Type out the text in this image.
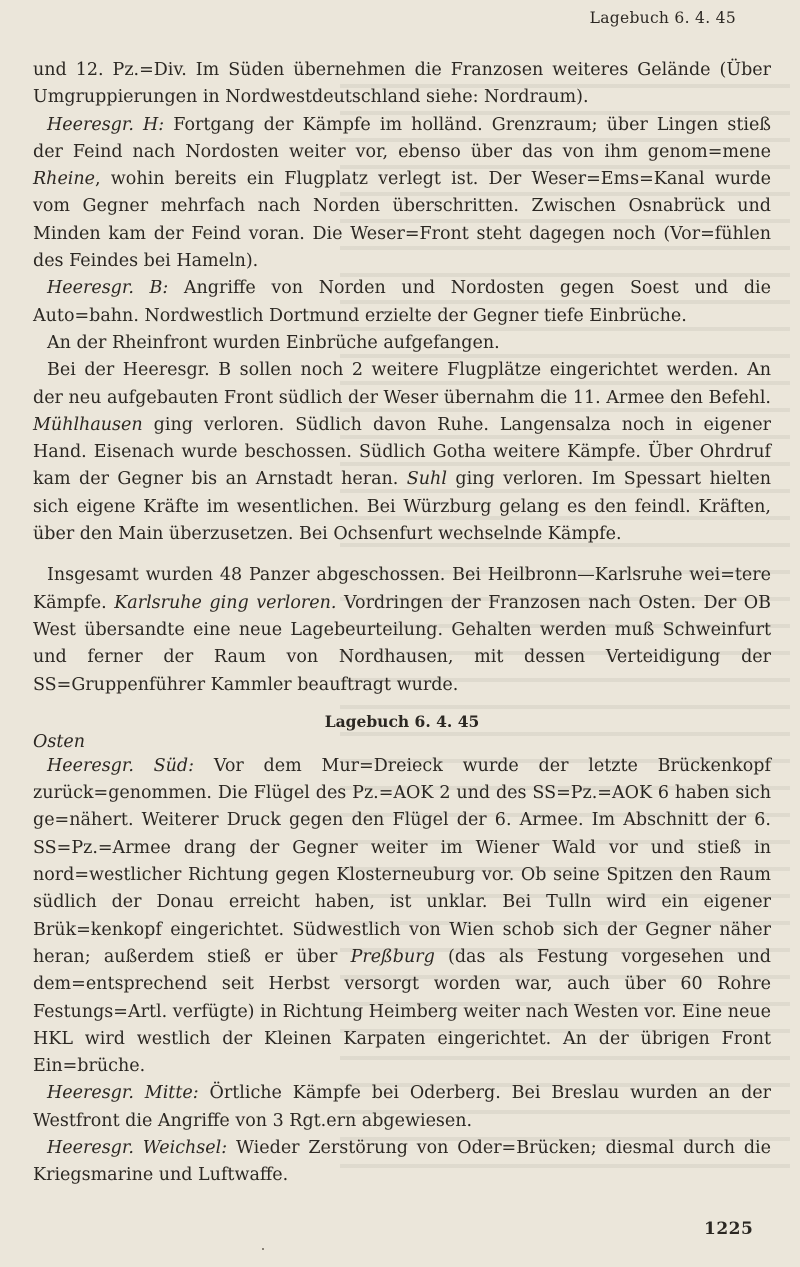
Lagebuch 6. 4. 45

und 12. Pz.=Div. Im Süden übernehmen die Franzosen weiteres Gelände (Über Umgruppierungen in Nordwestdeutschland siehe: Nordraum).

Heeresgr. H: Fortgang der Kämpfe im holländ. Grenzraum; über Lingen stieß der Feind nach Nordosten weiter vor, ebenso über das von ihm genom=mene Rheine, wohin bereits ein Flugplatz verlegt ist. Der Weser=Ems=Kanal wurde vom Gegner mehrfach nach Norden überschritten. Zwischen Osnabrück und Minden kam der Feind voran. Die Weser=Front steht dagegen noch (Vor=fühlen des Feindes bei Hameln).

Heeresgr. B: Angriffe von Norden und Nordosten gegen Soest und die Auto=bahn. Nordwestlich Dortmund erzielte der Gegner tiefe Einbrüche.

An der Rheinfront wurden Einbrüche aufgefangen.

Bei der Heeresgr. B sollen noch 2 weitere Flugplätze eingerichtet werden. An der neu aufgebauten Front südlich der Weser übernahm die 11. Armee den Befehl. Mühlhausen ging verloren. Südlich davon Ruhe. Langensalza noch in eigener Hand. Eisenach wurde beschossen. Südlich Gotha weitere Kämpfe. Über Ohrdruf kam der Gegner bis an Arnstadt heran. Suhl ging verloren. Im Spessart hielten sich eigene Kräfte im wesentlichen. Bei Würzburg gelang es den feindl. Kräften, über den Main überzusetzen. Bei Ochsenfurt wechselnde Kämpfe.

Insgesamt wurden 48 Panzer abgeschossen. Bei Heilbronn—Karlsruhe wei=tere Kämpfe. Karlsruhe ging verloren. Vordringen der Franzosen nach Osten. Der OB West übersandte eine neue Lagebeurteilung. Gehalten werden muß Schweinfurt und ferner der Raum von Nordhausen, mit dessen Verteidigung der SS=Gruppenführer Kammler beauftragt wurde.

Lagebuch 6. 4. 45
Osten

Heeresgr. Süd: Vor dem Mur=Dreieck wurde der letzte Brückenkopf zurück=genommen. Die Flügel des Pz.=AOK 2 und des SS=Pz.=AOK 6 haben sich ge=nähert. Weiterer Druck gegen den Flügel der 6. Armee. Im Abschnitt der 6. SS=Pz.=Armee drang der Gegner weiter im Wiener Wald vor und stieß in nord=westlicher Richtung gegen Klosterneuburg vor. Ob seine Spitzen den Raum südlich der Donau erreicht haben, ist unklar. Bei Tulln wird ein eigener Brük=kenkopf eingerichtet. Südwestlich von Wien schob sich der Gegner näher heran; außerdem stieß er über Preßburg (das als Festung vorgesehen und dem=entsprechend seit Herbst versorgt worden war, auch über 60 Rohre Festungs=Artl. verfügte) in Richtung Heimberg weiter nach Westen vor. Eine neue HKL wird westlich der Kleinen Karpaten eingerichtet. An der übrigen Front Ein=brüche.

Heeresgr. Mitte: Örtliche Kämpfe bei Oderberg. Bei Breslau wurden an der Westfront die Angriffe von 3 Rgt.ern abgewiesen.

Heeresgr. Weichsel: Wieder Zerstörung von Oder=Brücken; diesmal durch die Kriegsmarine und Luftwaffe.

1225
